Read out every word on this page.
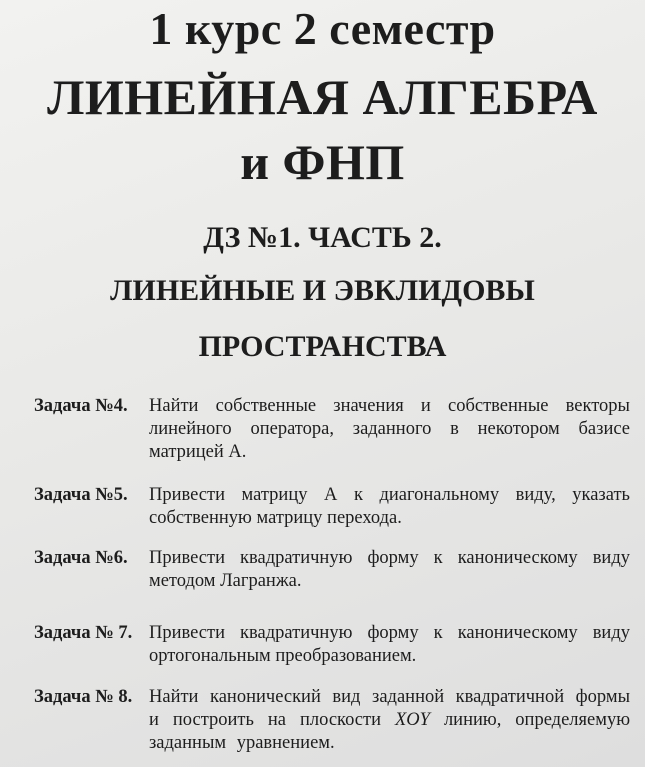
1 курс 2 семестр
ЛИНЕЙНАЯ АЛГЕБРА
и ФНП
ДЗ №1. ЧАСТЬ 2.
ЛИНЕЙНЫЕ И ЭВКЛИДОВЫ
ПРОСТРАНСТВА
Задача №4. Найти собственные значения и собственные векторы линейного оператора, заданного в некотором базисе матрицей А.
Задача №5. Привести матрицу А к диагональному виду, указать собственную матрицу перехода.
Задача №6. Привести квадратичную форму к каноническому виду методом Лагранжа.
Задача № 7. Привести квадратичную форму к каноническому виду ортогональным преобразованием.
Задача № 8. Найти канонический вид заданной квадратичной формы и построить на плоскости XOY линию, определяемую заданным уравнением.
